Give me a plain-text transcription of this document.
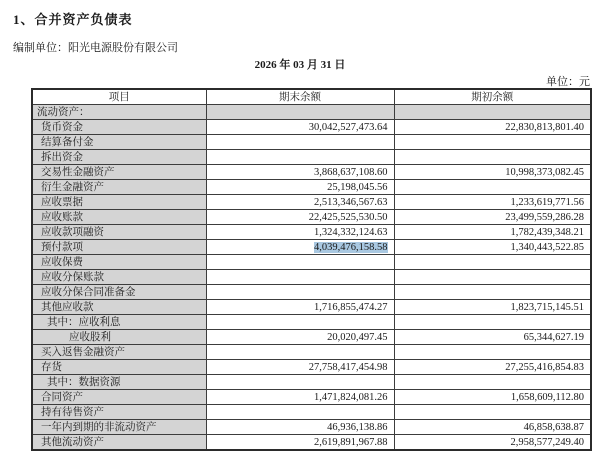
1、合并资产负债表
编制单位：阳光电源股份有限公司
2026 年 03 月 31 日
单位：元
项目	期末余额	期初余额
流动资产：		
货币资金	30,042,527,473.64	22,830,813,801.40
结算备付金		
拆出资金		
交易性金融资产	3,868,637,108.60	10,998,373,082.45
衍生金融资产	25,198,045.56	
应收票据	2,513,346,567.63	1,233,619,771.56
应收账款	22,425,525,530.50	23,499,559,286.28
应收款项融资	1,324,332,124.63	1,782,439,348.21
预付款项	4,039,476,158.58	1,340,443,522.85
应收保费		
应收分保账款		
应收分保合同准备金		
其他应收款	1,716,855,474.27	1,823,715,145.51
其中：应收利息		
应收股利	20,020,497.45	65,344,627.19
买入返售金融资产		
存货	27,758,417,454.98	27,255,416,854.83
其中：数据资源		
合同资产	1,471,824,081.26	1,658,609,112.80
持有待售资产		
一年内到期的非流动资产	46,936,138.86	46,858,638.87
其他流动资产	2,619,891,967.88	2,958,577,249.40
